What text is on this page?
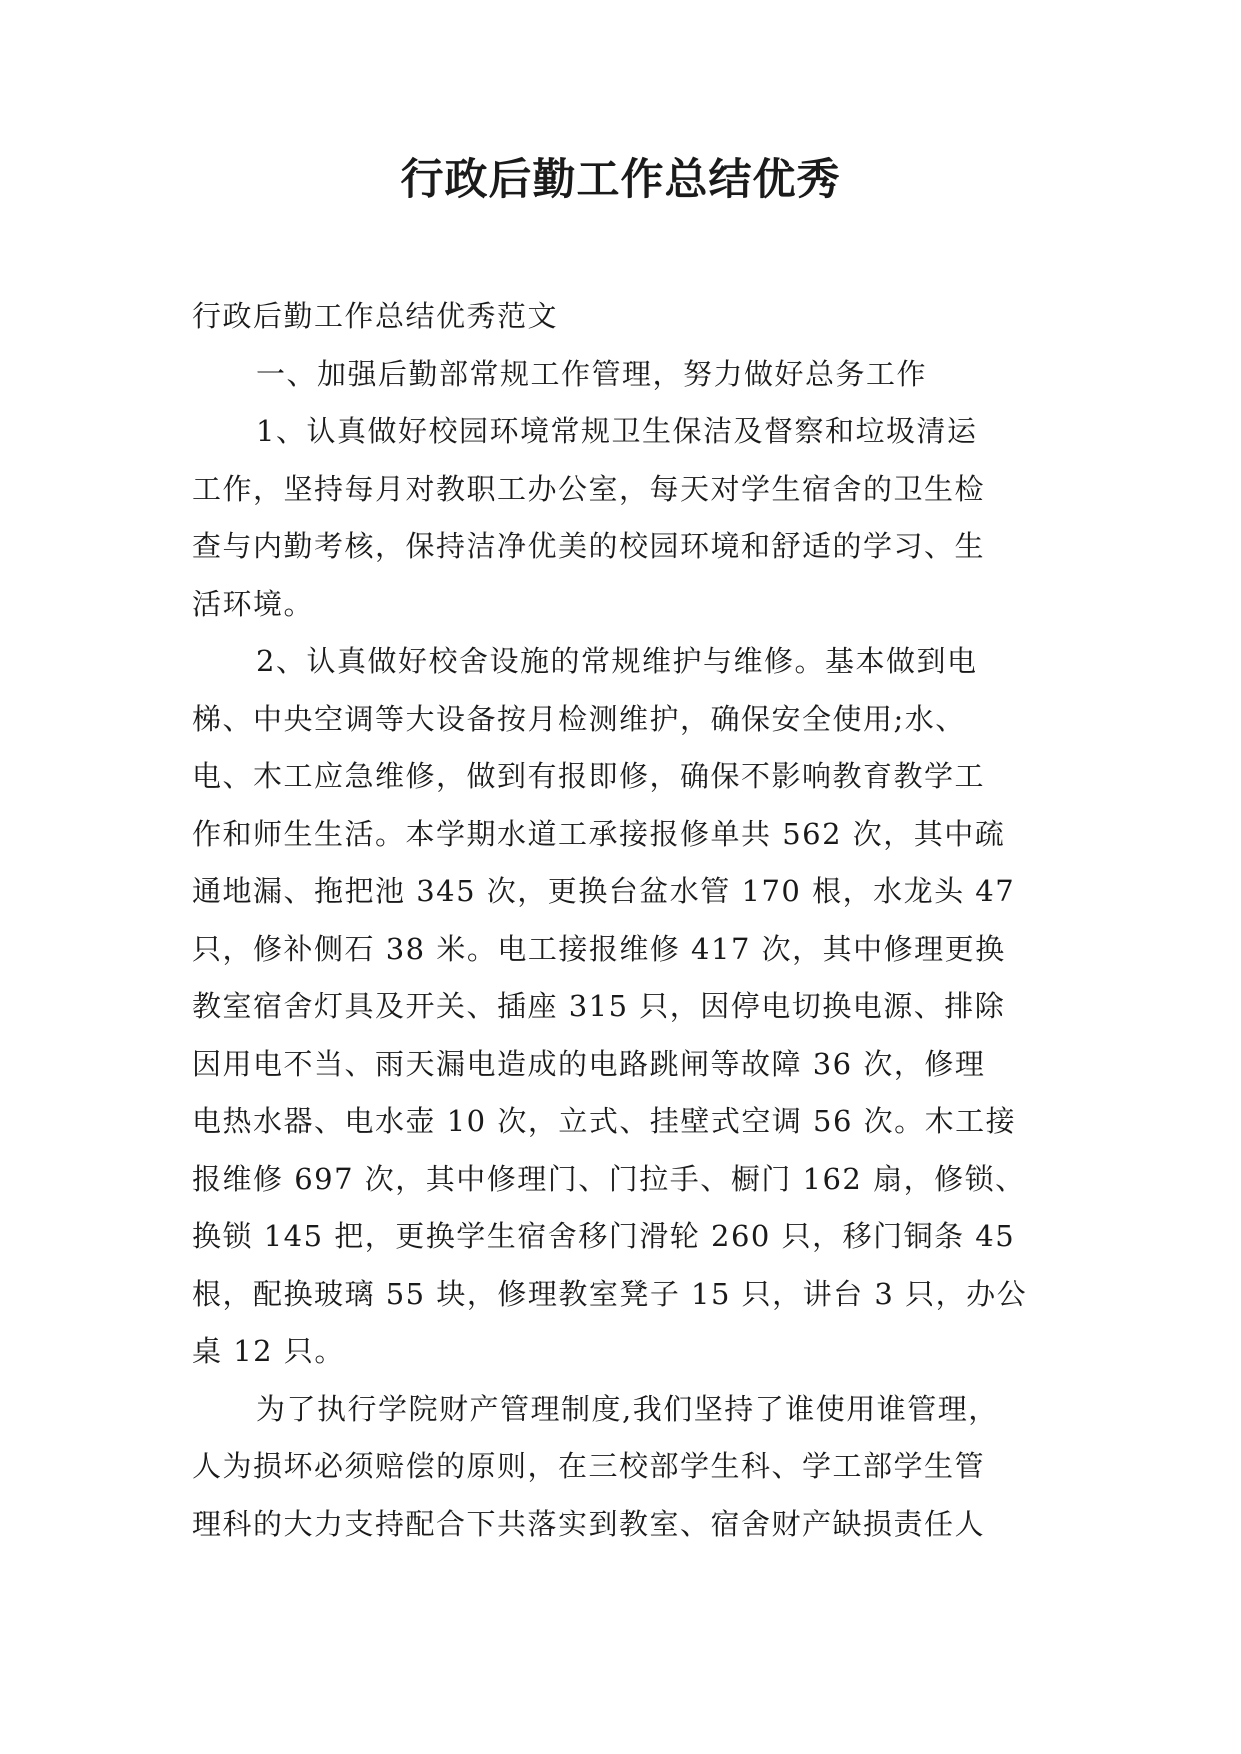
行政后勤工作总结优秀
行政后勤工作总结优秀范文
一、加强后勤部常规工作管理，努力做好总务工作
1、认真做好校园环境常规卫生保洁及督察和垃圾清运
工作，坚持每月对教职工办公室，每天对学生宿舍的卫生检
查与内勤考核，保持洁净优美的校园环境和舒适的学习、生
活环境。
2、认真做好校舍设施的常规维护与维修。基本做到电
梯、中央空调等大设备按月检测维护，确保安全使用;水、
电、木工应急维修，做到有报即修，确保不影响教育教学工
作和师生生活。本学期水道工承接报修单共 562 次，其中疏
通地漏、拖把池 345 次，更换台盆水管 170 根，水龙头 47
只，修补侧石 38 米。电工接报维修 417 次，其中修理更换
教室宿舍灯具及开关、插座 315 只，因停电切换电源、排除
因用电不当、雨天漏电造成的电路跳闸等故障 36 次，修理
电热水器、电水壶 10 次，立式、挂壁式空调 56 次。木工接
报维修 697 次，其中修理门、门拉手、橱门 162 扇，修锁、
换锁 145 把，更换学生宿舍移门滑轮 260 只，移门铜条 45
根，配换玻璃 55 块，修理教室凳子 15 只，讲台 3 只，办公
桌 12 只。
为了执行学院财产管理制度,我们坚持了谁使用谁管理，
人为损坏必须赔偿的原则，在三校部学生科、学工部学生管
理科的大力支持配合下共落实到教室、宿舍财产缺损责任人
